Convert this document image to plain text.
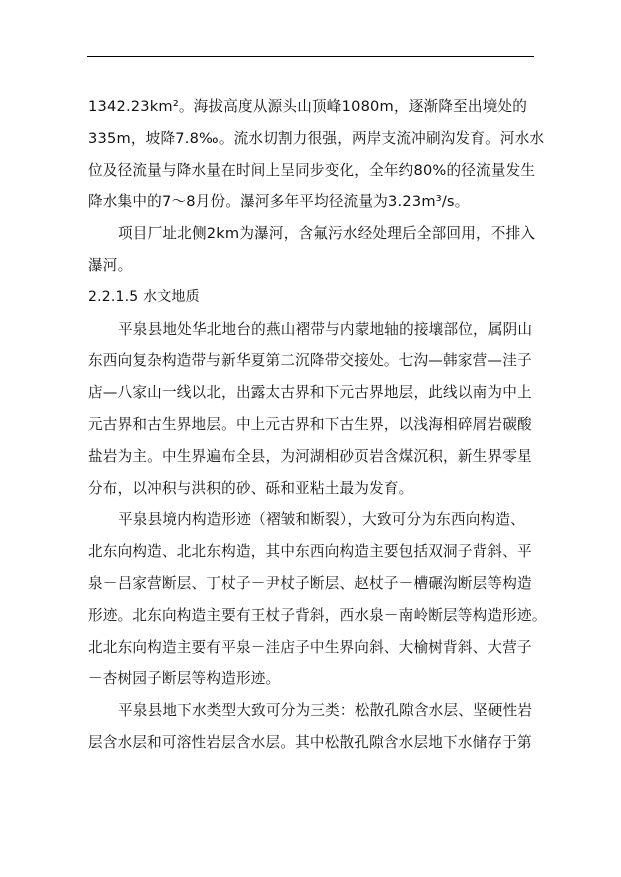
1342.23km²。海拔高度从源头山顶峰1080m，逐渐降至出境处的
335m，坡降7.8‰。流水切割力很强，两岸支流冲刷沟发育。河水水
位及径流量与降水量在时间上呈同步变化，全年约80%的径流量发生
降水集中的7～8月份。瀑河多年平均径流量为3.23m³/s。
项目厂址北侧2km为瀑河，含氟污水经处理后全部回用，不排入
瀑河。
2.2.1.5 水文地质
平泉县地处华北地台的燕山褶带与内蒙地轴的接壤部位，属阴山
东西向复杂构造带与新华夏第二沉降带交接处。七沟—韩家营—洼子
店—八家山一线以北，出露太古界和下元古界地层，此线以南为中上
元古界和古生界地层。中上元古界和下古生界，以浅海相碎屑岩碳酸
盐岩为主。中生界遍布全县，为河湖相砂页岩含煤沉积，新生界零星
分布，以冲积与洪积的砂、砾和亚粘土最为发育。
平泉县境内构造形迹（褶皱和断裂），大致可分为东西向构造、
北东向构造、北北东构造，其中东西向构造主要包括双洞子背斜、平
泉－吕家营断层、丁杖子－尹杖子断层、赵杖子－槽碾沟断层等构造
形迹。北东向构造主要有王杖子背斜，西水泉－南岭断层等构造形迹。
北北东向构造主要有平泉－洼店子中生界向斜、大榆树背斜、大营子
－杏树园子断层等构造形迹。
平泉县地下水类型大致可分为三类：松散孔隙含水层、坚硬性岩
层含水层和可溶性岩层含水层。其中松散孔隙含水层地下水储存于第
